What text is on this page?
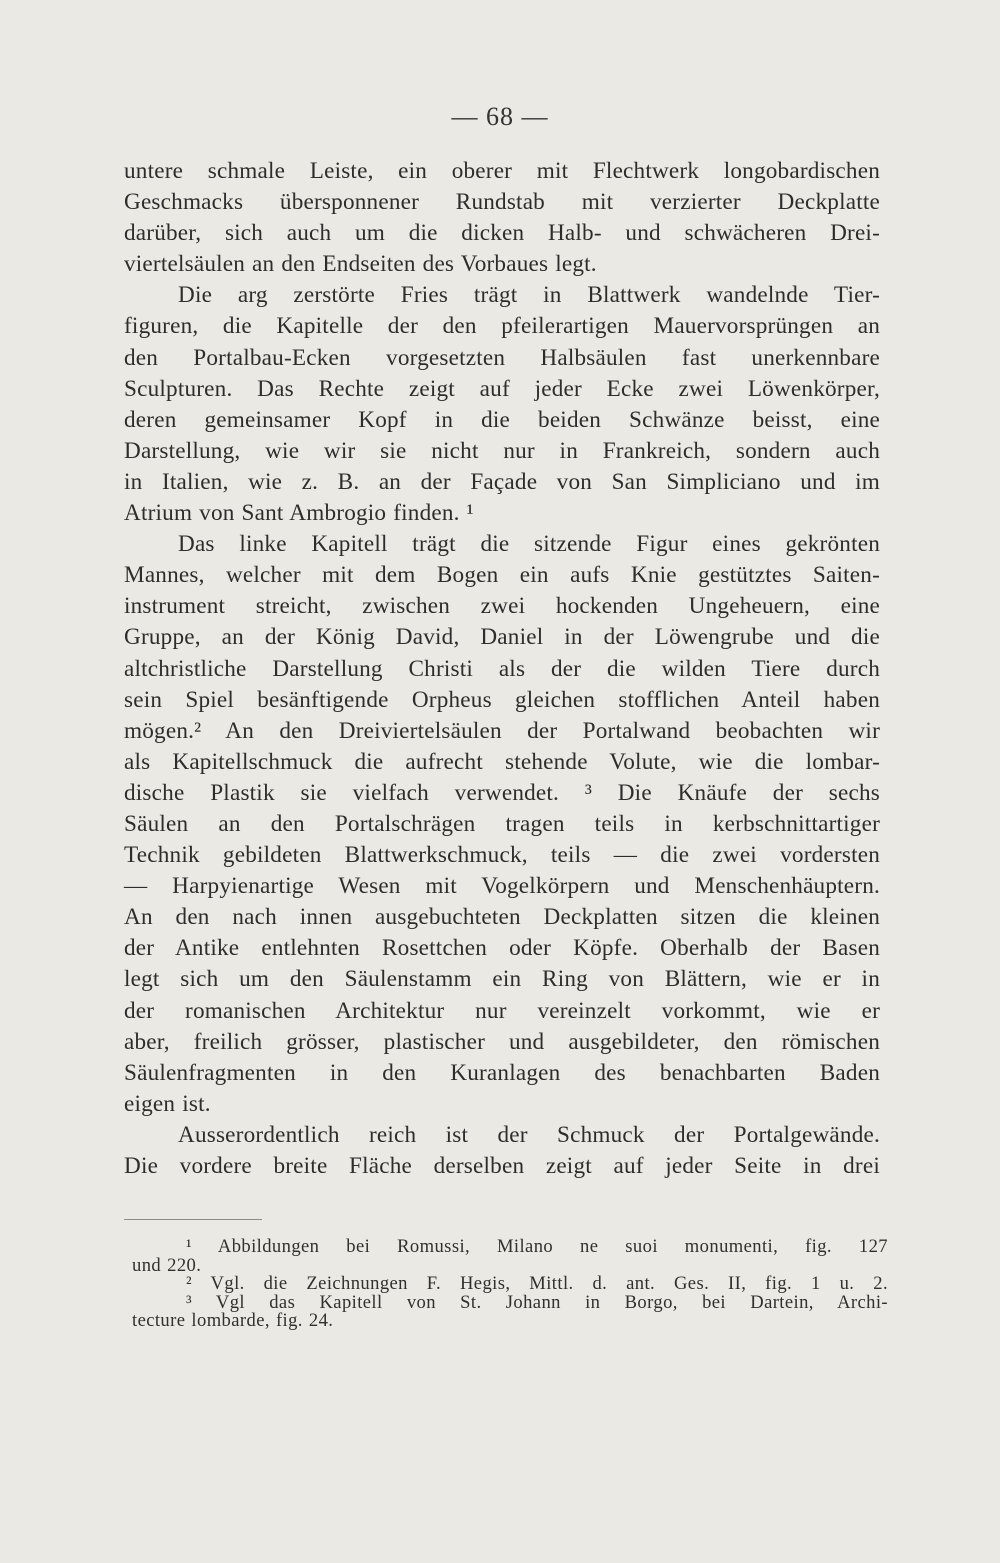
— 68 —
untere schmale Leiste, ein oberer mit Flechtwerk longobardischen
Geschmacks übersponnener Rundstab mit verzierter Deckplatte
darüber, sich auch um die dicken Halb- und schwächeren Drei-
viertelsäulen an den Endseiten des Vorbaues legt.
Die arg zerstörte Fries trägt in Blattwerk wandelnde Tier-
figuren, die Kapitelle der den pfeilerartigen Mauervorsprüngen an
den Portalbau-Ecken vorgesetzten Halbsäulen fast unerkennbare
Sculpturen. Das Rechte zeigt auf jeder Ecke zwei Löwenkörper,
deren gemeinsamer Kopf in die beiden Schwänze beisst, eine
Darstellung, wie wir sie nicht nur in Frankreich, sondern auch
in Italien, wie z. B. an der Façade von San Simpliciano und im
Atrium von Sant Ambrogio finden. ¹
Das linke Kapitell trägt die sitzende Figur eines gekrönten
Mannes, welcher mit dem Bogen ein aufs Knie gestütztes Saiten-
instrument streicht, zwischen zwei hockenden Ungeheuern, eine
Gruppe, an der König David, Daniel in der Löwengrube und die
altchristliche Darstellung Christi als der die wilden Tiere durch
sein Spiel besänftigende Orpheus gleichen stofflichen Anteil haben
mögen.² An den Dreiviertelsäulen der Portalwand beobachten wir
als Kapitellschmuck die aufrecht stehende Volute, wie die lombar-
dische Plastik sie vielfach verwendet. ³ Die Knäufe der sechs
Säulen an den Portalschrägen tragen teils in kerbschnittartiger
Technik gebildeten Blattwerkschmuck, teils — die zwei vordersten
— Harpyienartige Wesen mit Vogelkörpern und Menschenhäuptern.
An den nach innen ausgebuchteten Deckplatten sitzen die kleinen
der Antike entlehnten Rosettchen oder Köpfe. Oberhalb der Basen
legt sich um den Säulenstamm ein Ring von Blättern, wie er in
der romanischen Architektur nur vereinzelt vorkommt, wie er
aber, freilich grösser, plastischer und ausgebildeter, den römischen
Säulenfragmenten in den Kuranlagen des benachbarten Baden
eigen ist.
Ausserordentlich reich ist der Schmuck der Portalgewände.
Die vordere breite Fläche derselben zeigt auf jeder Seite in drei
¹ Abbildungen bei Romussi, Milano ne suoi monumenti, fig. 127
und 220.
² Vgl. die Zeichnungen F. Hegis, Mittl. d. ant. Ges. II, fig. 1 u. 2.
³ Vgl das Kapitell von St. Johann in Borgo, bei Dartein, Archi-
tecture lombarde, fig. 24.
